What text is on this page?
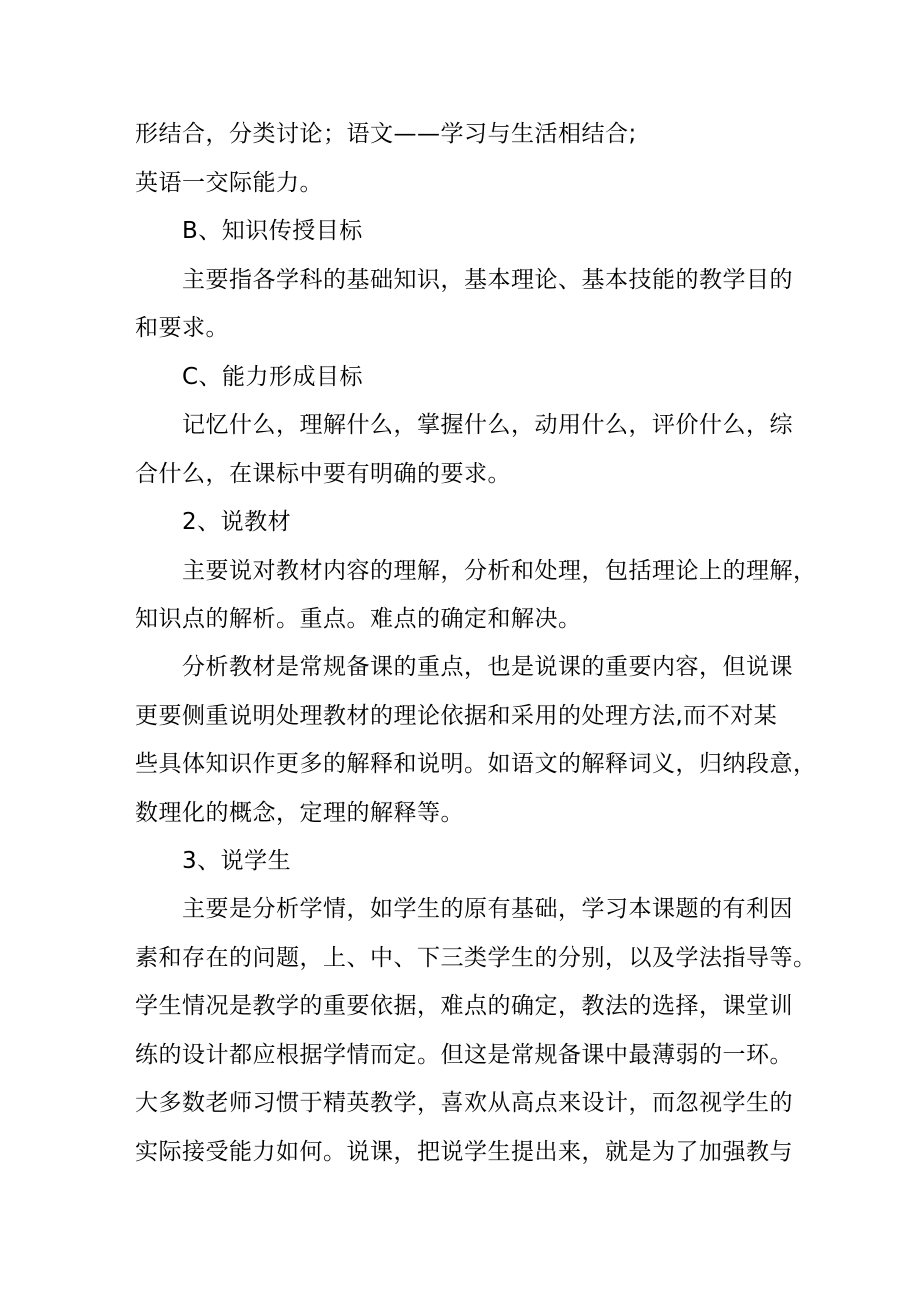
形结合，分类讨论；语文——学习与生活相结合;
英语一交际能力。
B、知识传授目标
主要指各学科的基础知识，基本理论、基本技能的教学目的
和要求。
C、能力形成目标
记忆什么，理解什么，掌握什么，动用什么，评价什么，综
合什么，在课标中要有明确的要求。
2、说教材
主要说对教材内容的理解，分析和处理，包括理论上的理解，
知识点的解析。重点。难点的确定和解决。
分析教材是常规备课的重点，也是说课的重要内容，但说课
更要侧重说明处理教材的理论依据和采用的处理方法,而不对某
些具体知识作更多的解释和说明。如语文的解释词义，归纳段意，
数理化的概念，定理的解释等。
3、说学生
主要是分析学情，如学生的原有基础，学习本课题的有利因
素和存在的问题，上、中、下三类学生的分别，以及学法指导等。
学生情况是教学的重要依据，难点的确定，教法的选择，课堂训
练的设计都应根据学情而定。但这是常规备课中最薄弱的一环。
大多数老师习惯于精英教学，喜欢从高点来设计，而忽视学生的
实际接受能力如何。说课，把说学生提出来，就是为了加强教与
